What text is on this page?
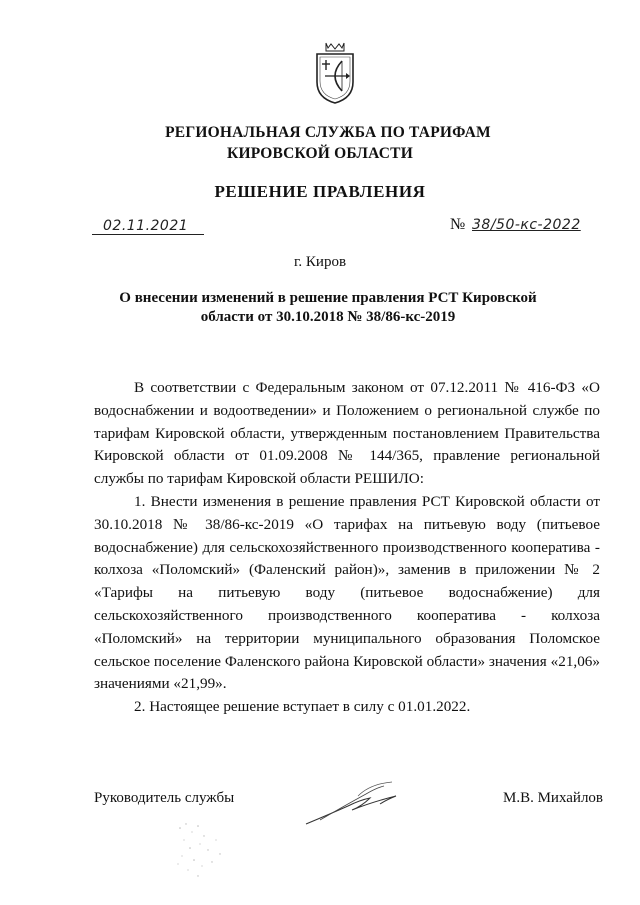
РЕГИОНАЛЬНАЯ СЛУЖБА ПО ТАРИФАМ
КИРОВСКОЙ ОБЛАСТИ
РЕШЕНИЕ ПРАВЛЕНИЯ
02.11.2021	№ 38/50-кс-2022
г. Киров
О внесении изменений в решение правления РСТ Кировской
области от 30.10.2018 № 38/86-кс-2019

В соответствии с Федеральным законом от 07.12.2011 № 416-ФЗ «О водоснабжении и водоотведении» и Положением о региональной службе по тарифам Кировской области, утвержденным постановлением Правительства Кировской области от 01.09.2008 № 144/365, правление региональной службы по тарифам Кировской области РЕШИЛО:

1. Внести изменения в решение правления РСТ Кировской области от 30.10.2018 № 38/86-кс-2019 «О тарифах на питьевую воду (питьевое водоснабжение) для сельскохозяйственного производственного кооператива - колхоза «Поломский» (Фаленский район)», заменив в приложении № 2 «Тарифы на питьевую воду (питьевое водоснабжение) для сельскохозяйственного производственного кооператива - колхоза «Поломский» на территории муниципального образования Поломское сельское поселение Фаленского района Кировской области» значения «21,06» значениями «21,99».

2. Настоящее решение вступает в силу с 01.01.2022.

Руководитель службы	М.В. Михайлов
